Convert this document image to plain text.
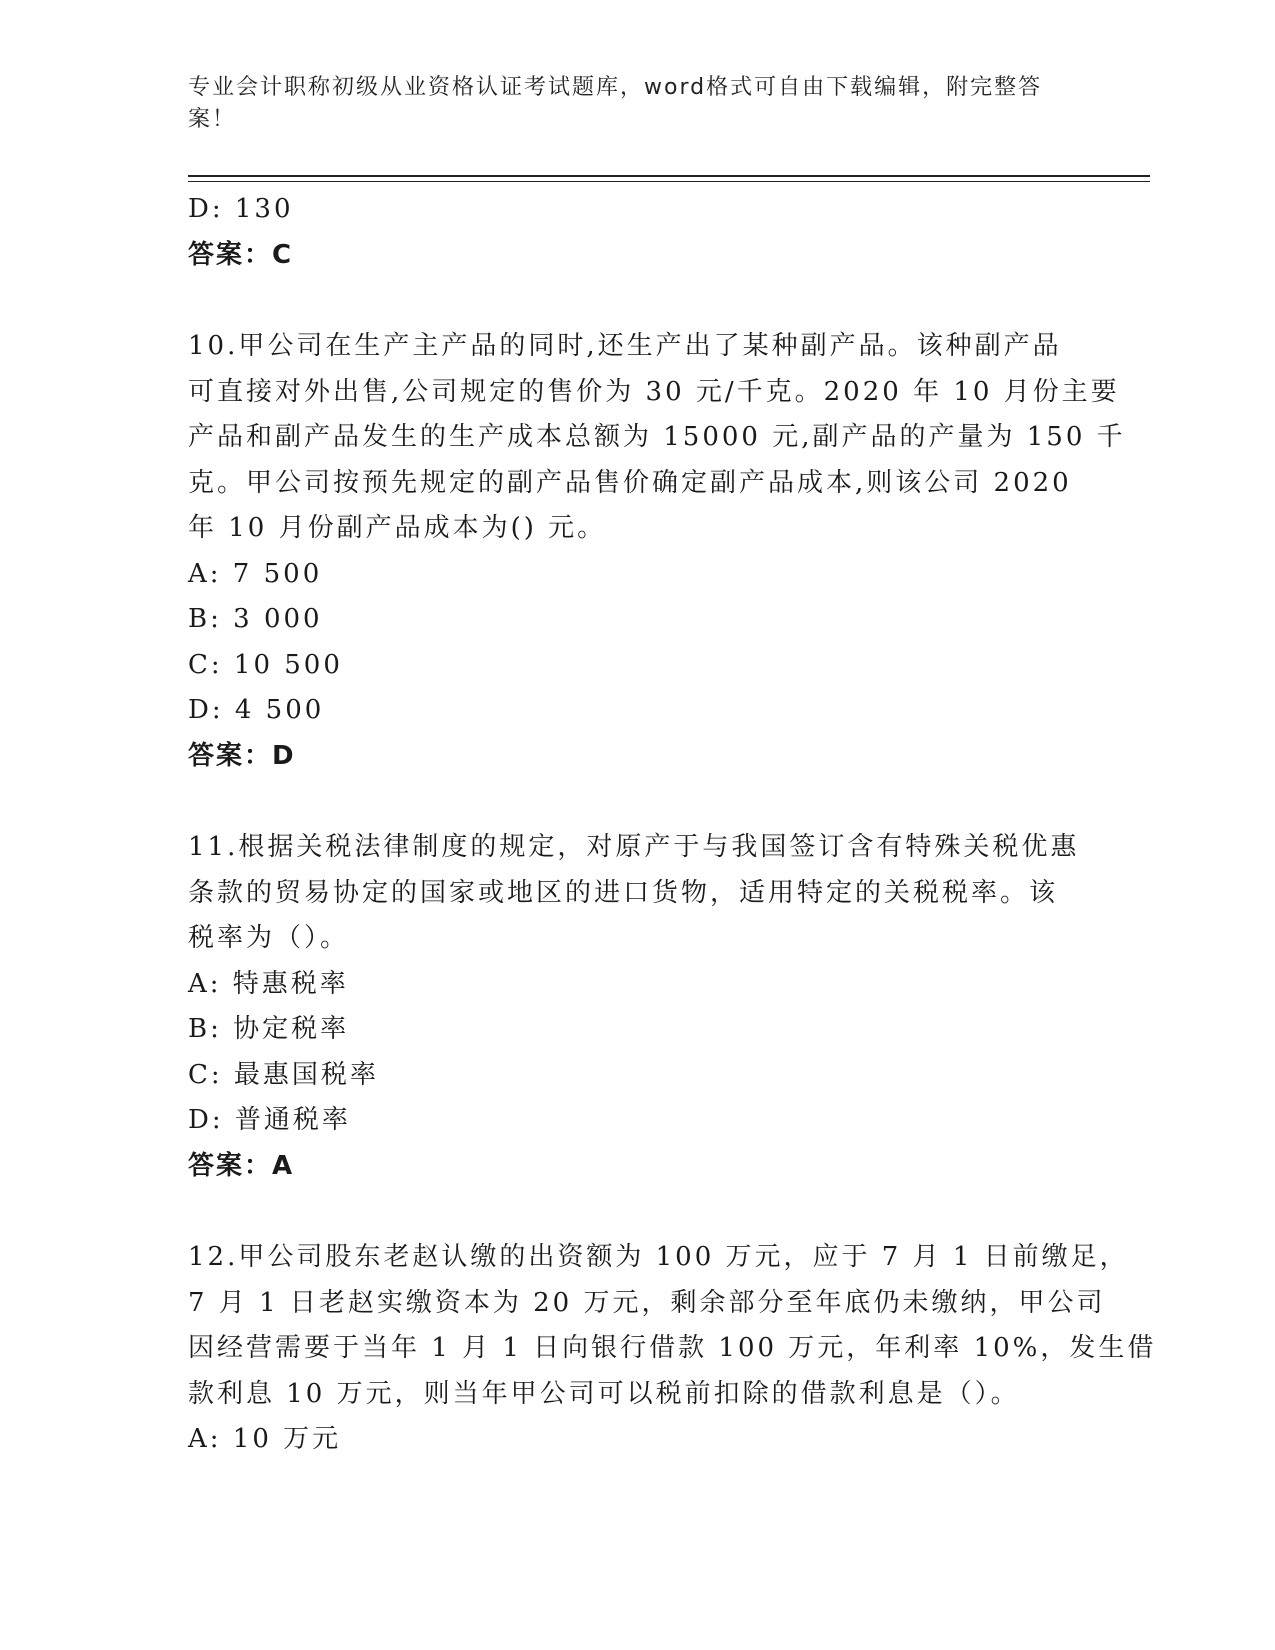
专业会计职称初级从业资格认证考试题库，word格式可自由下载编辑，附完整答案！
D: 130
答案：C
10.甲公司在生产主产品的同时,还生产出了某种副产品。该种副产品
可直接对外出售,公司规定的售价为 30 元/千克。2020 年 10 月份主要
产品和副产品发生的生产成本总额为 15000 元,副产品的产量为 150 千
克。甲公司按预先规定的副产品售价确定副产品成本,则该公司 2020
年 10 月份副产品成本为() 元。
A: 7 500
B: 3 000
C: 10 500
D: 4 500
答案：D
11.根据关税法律制度的规定，对原产于与我国签订含有特殊关税优惠
条款的贸易协定的国家或地区的进口货物，适用特定的关税税率。该
税率为（）。
A: 特惠税率
B: 协定税率
C: 最惠国税率
D: 普通税率
答案：A
12.甲公司股东老赵认缴的出资额为 100 万元，应于 7 月 1 日前缴足，
7 月 1 日老赵实缴资本为 20 万元，剩余部分至年底仍未缴纳，甲公司
因经营需要于当年 1 月 1 日向银行借款 100 万元，年利率 10%，发生借
款利息 10 万元，则当年甲公司可以税前扣除的借款利息是（）。
A: 10 万元
